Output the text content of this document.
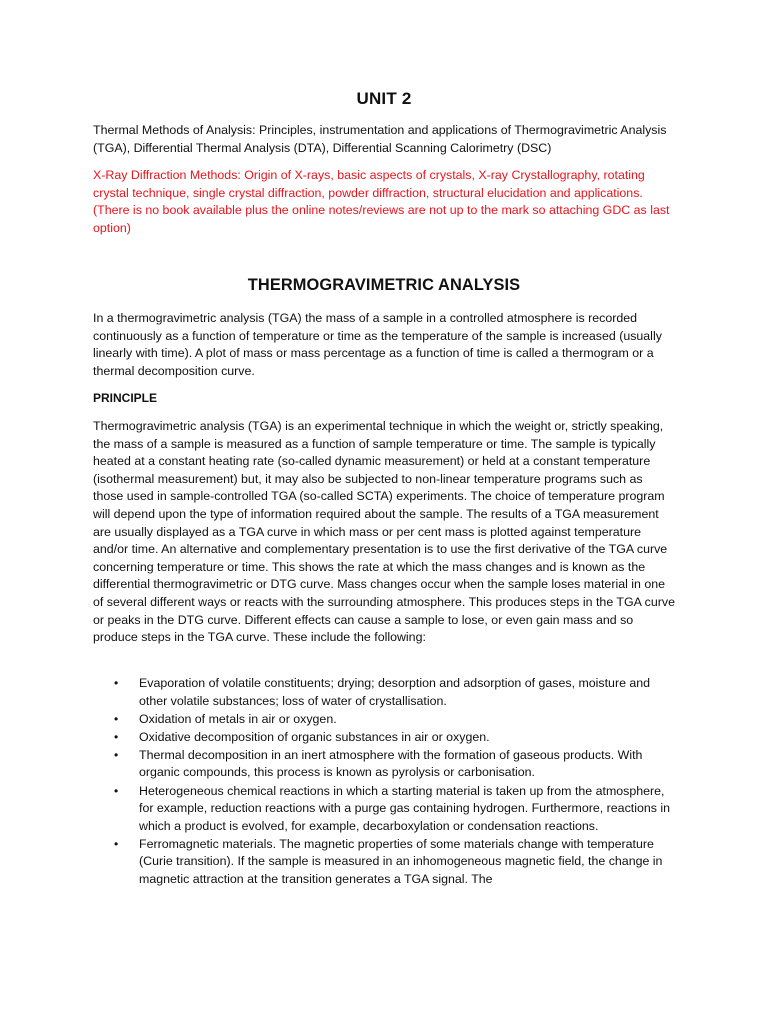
UNIT 2

Thermal Methods of Analysis: Principles, instrumentation and applications of Thermogravimetric Analysis (TGA), Differential Thermal Analysis (DTA), Differential Scanning Calorimetry (DSC)

X-Ray Diffraction Methods: Origin of X-rays, basic aspects of crystals, X-ray Crystallography, rotating crystal technique, single crystal diffraction, powder diffraction, structural elucidation and applications. (There is no book available plus the online notes/reviews are not up to the mark so attaching GDC as last option)

THERMOGRAVIMETRIC ANALYSIS

In a thermogravimetric analysis (TGA) the mass of a sample in a controlled atmosphere is recorded continuously as a function of temperature or time as the temperature of the sample is increased (usually linearly with time). A plot of mass or mass percentage as a function of time is called a thermogram or a thermal decomposition curve.

PRINCIPLE

Thermogravimetric analysis (TGA) is an experimental technique in which the weight or, strictly speaking, the mass of a sample is measured as a function of sample temperature or time. The sample is typically heated at a constant heating rate (so-called dynamic measurement) or held at a constant temperature (isothermal measurement) but, it may also be subjected to non-linear temperature programs such as those used in sample-controlled TGA (so-called SCTA) experiments. The choice of temperature program will depend upon the type of information required about the sample. The results of a TGA measurement are usually displayed as a TGA curve in which mass or per cent mass is plotted against temperature and/or time. An alternative and complementary presentation is to use the first derivative of the TGA curve concerning temperature or time. This shows the rate at which the mass changes and is known as the differential thermogravimetric or DTG curve. Mass changes occur when the sample loses material in one of several different ways or reacts with the surrounding atmosphere. This produces steps in the TGA curve or peaks in the DTG curve. Different effects can cause a sample to lose, or even gain mass and so produce steps in the TGA curve. These include the following:

• Evaporation of volatile constituents; drying; desorption and adsorption of gases, moisture and other volatile substances; loss of water of crystallisation.
• Oxidation of metals in air or oxygen.
• Oxidative decomposition of organic substances in air or oxygen.
• Thermal decomposition in an inert atmosphere with the formation of gaseous products. With organic compounds, this process is known as pyrolysis or carbonisation.
• Heterogeneous chemical reactions in which a starting material is taken up from the atmosphere, for example, reduction reactions with a purge gas containing hydrogen. Furthermore, reactions in which a product is evolved, for example, decarboxylation or condensation reactions.
• Ferromagnetic materials. The magnetic properties of some materials change with temperature (Curie transition). If the sample is measured in an inhomogeneous magnetic field, the change in magnetic attraction at the transition generates a TGA signal. The
